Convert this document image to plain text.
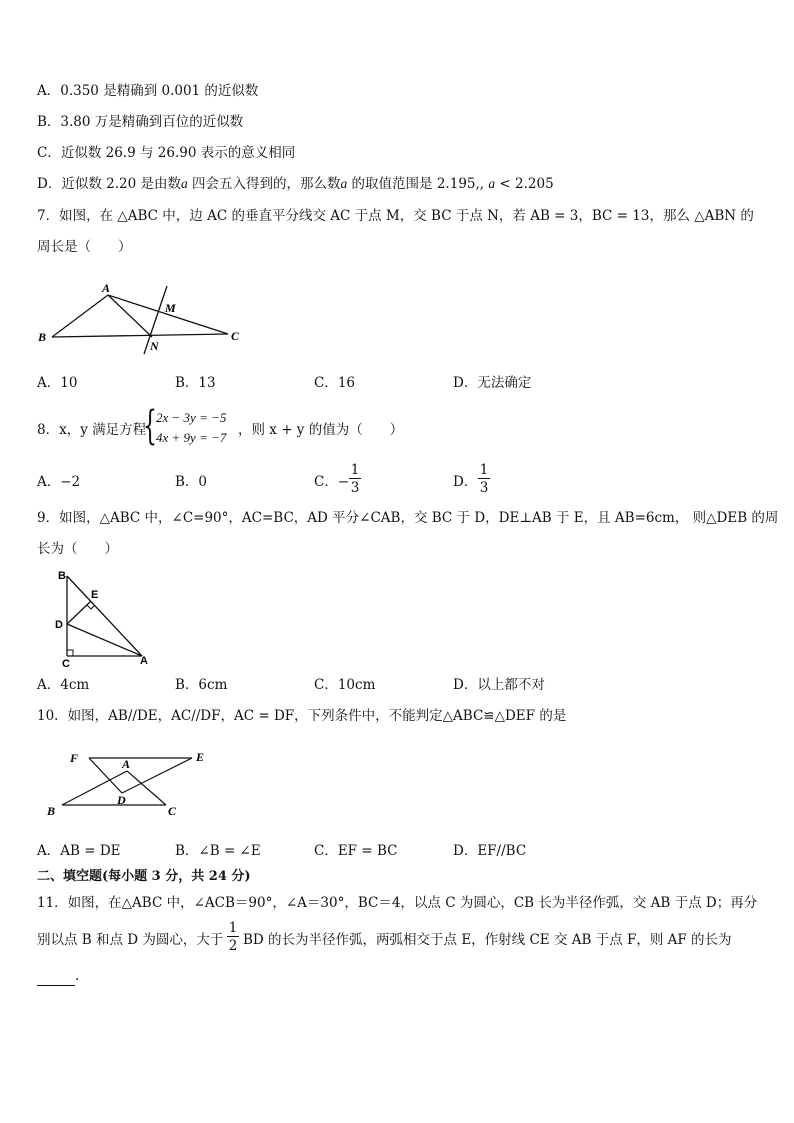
A．0.350 是精确到 0.001 的近似数
B．3.80 万是精确到百位的近似数
C．近似数 26.9 与 26.90 表示的意义相同
D．近似数 2.20 是由数a 四会五入得到的，那么数a 的取值范围是 2.195,, a < 2.205
7．如图，在 △ABC 中，边 AC 的垂直平分线交 AC 于点 M，交 BC 于点 N，若 AB = 3，BC = 13，那么 △ABN 的
周长是（　　）
A
B	C
M
N
A．10	B．13	C．16	D．无法确定
8．x，y 满足方程
{ 2x − 3y = −5
4x + 9y = −7 ，则 x + y 的值为（　　）
A．−2	B．0	C．− $\frac{1}{3}$	D． $\frac{1}{3}$
9．如图，△ABC 中，∠C=90°，AC=BC，AD 平分∠CAB，交 BC 于 D，DE⊥AB 于 E，且 AB=6cm， 则△DEB 的周
长为（　　）
B
E
D
C	A
A．4cm	B．6cm	C．10cm	D．以上都不对
10．如图，AB//DE，AC//DF，AC = DF，下列条件中，不能判定△ABC≌△DEF 的是
F	E
A
D
B	C
A．AB = DE	B．∠B = ∠E	C．EF = BC	D．EF//BC
二、填空题(每小题 3 分，共 24 分)
11．如图，在△ABC 中，∠ACB＝90°，∠A＝30°，BC＝4，以点 C 为圆心，CB 长为半径作弧，交 AB 于点 D；再分
别以点 B 和点 D 为圆心，大于 $\frac{1}{2}$ BD 的长为半径作弧，两弧相交于点 E，作射线 CE 交 AB 于点 F，则 AF 的长为
.
